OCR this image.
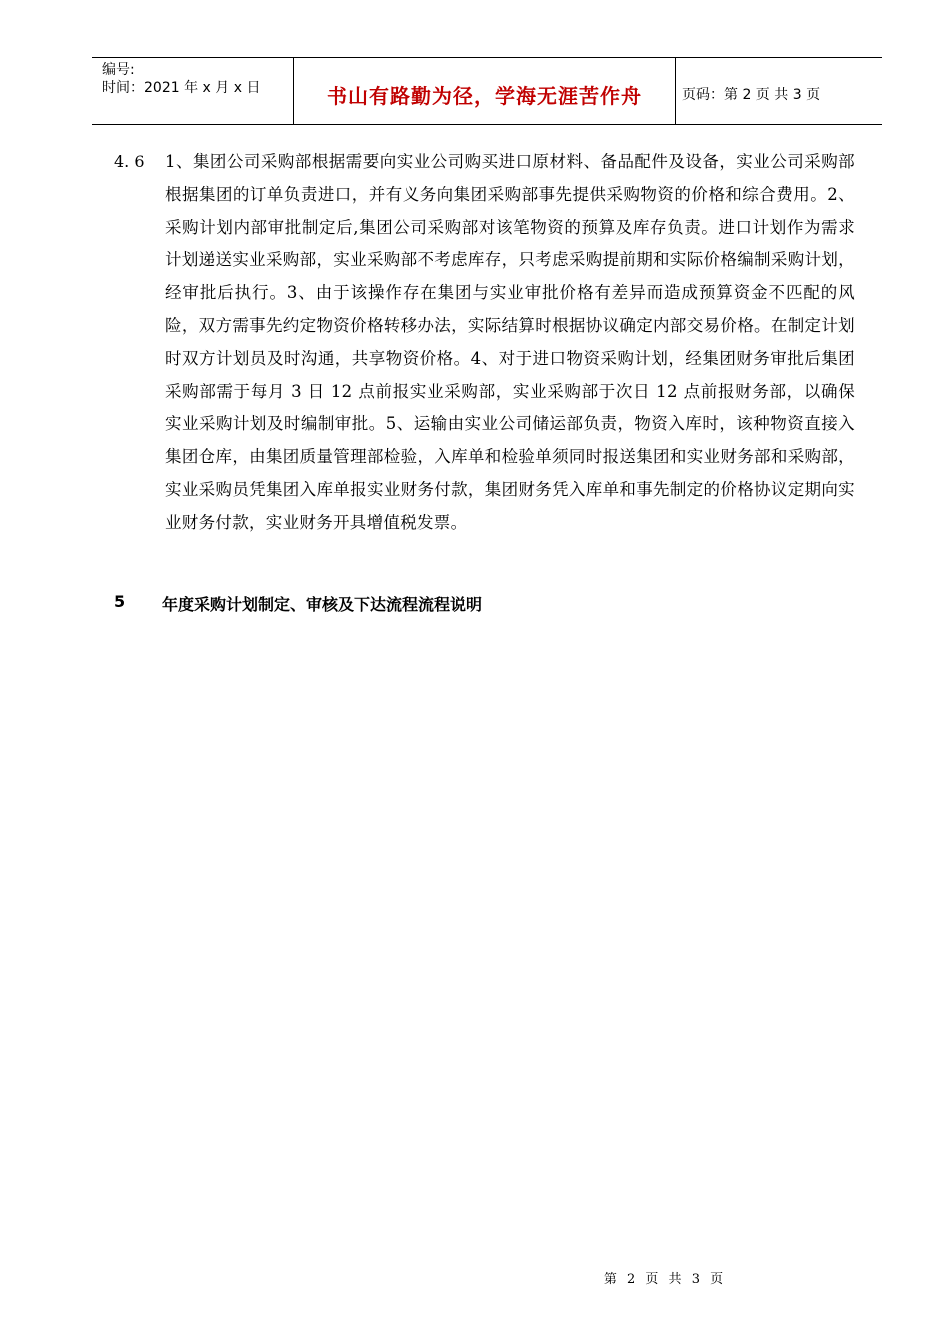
编号:
时间：2021 年 x 月 x 日	书山有路勤为径，学海无涯苦作舟	页码：第 2 页 共 3 页
4. 6 1、集团公司采购部根据需要向实业公司购买进口原材料、备品配件及设备，实业公司采购部根据集团的订单负责进口，并有义务向集团采购部事先提供采购物资的价格和综合费用。2、采购计划内部审批制定后,集团公司采购部对该笔物资的预算及库存负责。进口计划作为需求计划递送实业采购部，实业采购部不考虑库存，只考虑采购提前期和实际价格编制采购计划，经审批后执行。3、由于该操作存在集团与实业审批价格有差异而造成预算资金不匹配的风险，双方需事先约定物资价格转移办法，实际结算时根据协议确定内部交易价格。在制定计划时双方计划员及时沟通，共享物资价格。4、对于进口物资采购计划，经集团财务审批后集团采购部需于每月 3 日 12 点前报实业采购部，实业采购部于次日 12 点前报财务部，以确保实业采购计划及时编制审批。5、运输由实业公司储运部负责，物资入库时，该种物资直接入集团仓库，由集团质量管理部检验，入库单和检验单须同时报送集团和实业财务部和采购部，实业采购员凭集团入库单报实业财务付款，集团财务凭入库单和事先制定的价格协议定期向实业财务付款，实业财务开具增值税发票。
5 年度采购计划制定、审核及下达流程流程说明
第 2 页 共 3 页
